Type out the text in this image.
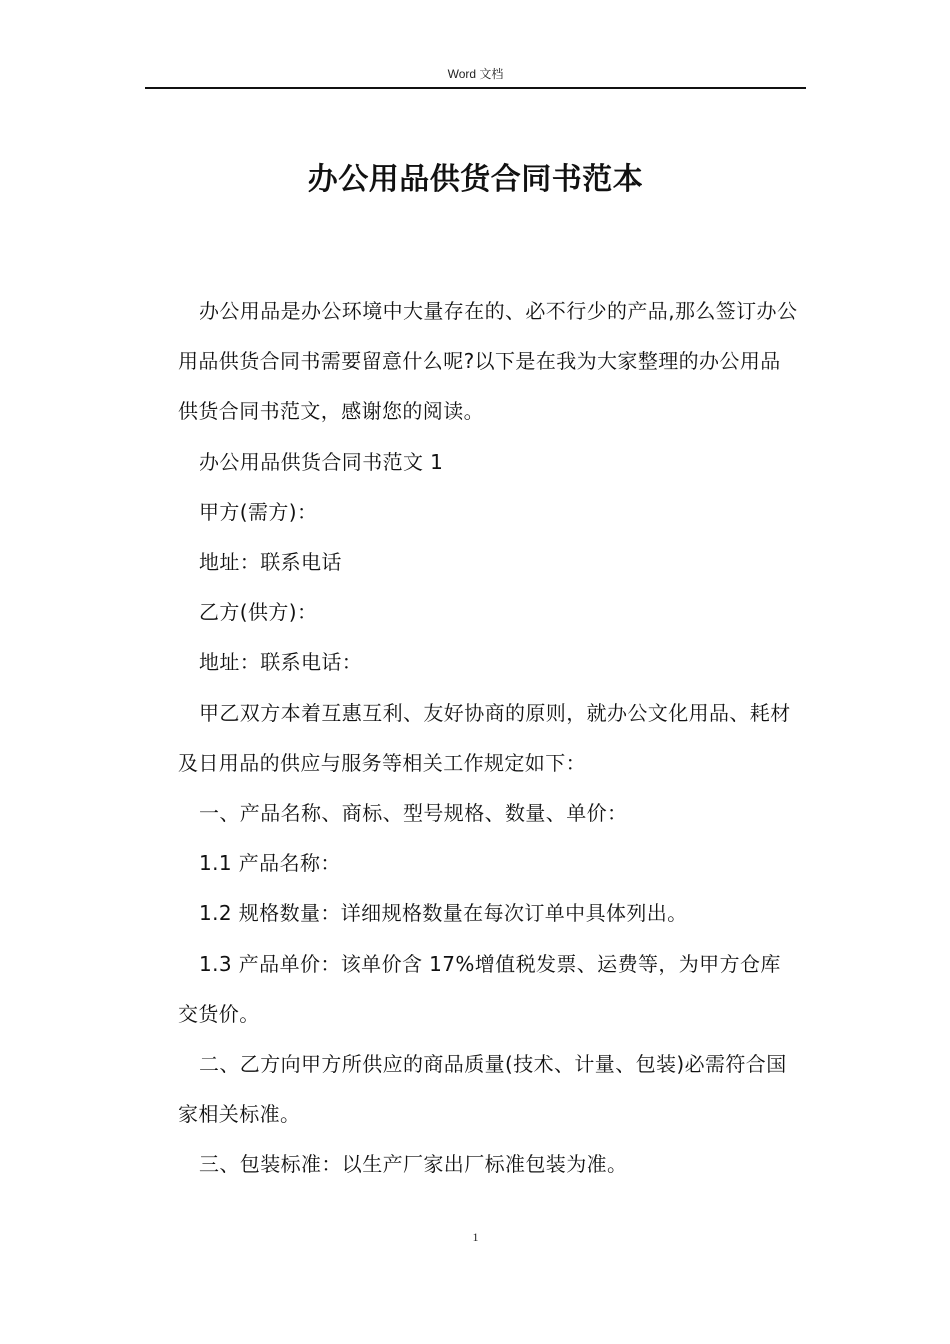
Word 文档
办公用品供货合同书范本

办公用品是办公环境中大量存在的、必不行少的产品,那么签订办公用品供货合同书需要留意什么呢?以下是在我为大家整理的办公用品供货合同书范文，感谢您的阅读。

办公用品供货合同书范文 1

甲方(需方)：

地址：联系电话

乙方(供方)：

地址：联系电话：

甲乙双方本着互惠互利、友好协商的原则，就办公文化用品、耗材及日用品的供应与服务等相关工作规定如下：

一、产品名称、商标、型号规格、数量、单价：

1.1 产品名称：

1.2 规格数量：详细规格数量在每次订单中具体列出。

1.3 产品单价：该单价含 17%增值税发票、运费等，为甲方仓库交货价。

二、乙方向甲方所供应的商品质量(技术、计量、包装)必需符合国家相关标准。

三、包装标准：以生产厂家出厂标准包装为准。

1
